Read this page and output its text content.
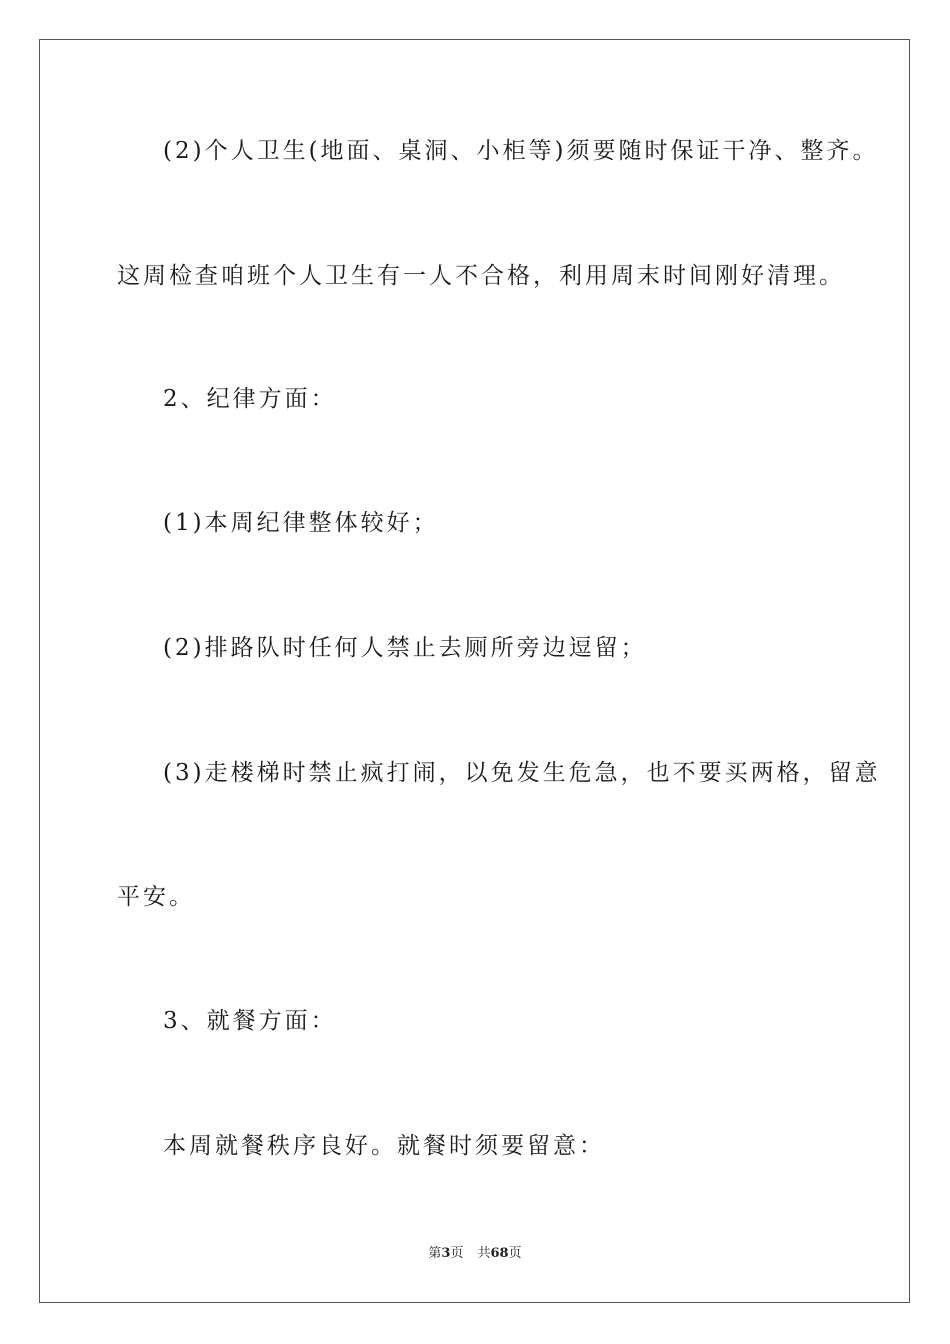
(2)个人卫生(地面、桌洞、小柜等)须要随时保证干净、整齐。
这周检查咱班个人卫生有一人不合格，利用周末时间刚好清理。
2、纪律方面：
(1)本周纪律整体较好；
(2)排路队时任何人禁止去厕所旁边逗留；
(3)走楼梯时禁止疯打闹，以免发生危急，也不要买两格，留意
平安。
3、就餐方面：
本周就餐秩序良好。就餐时须要留意：
第3页 共68页
